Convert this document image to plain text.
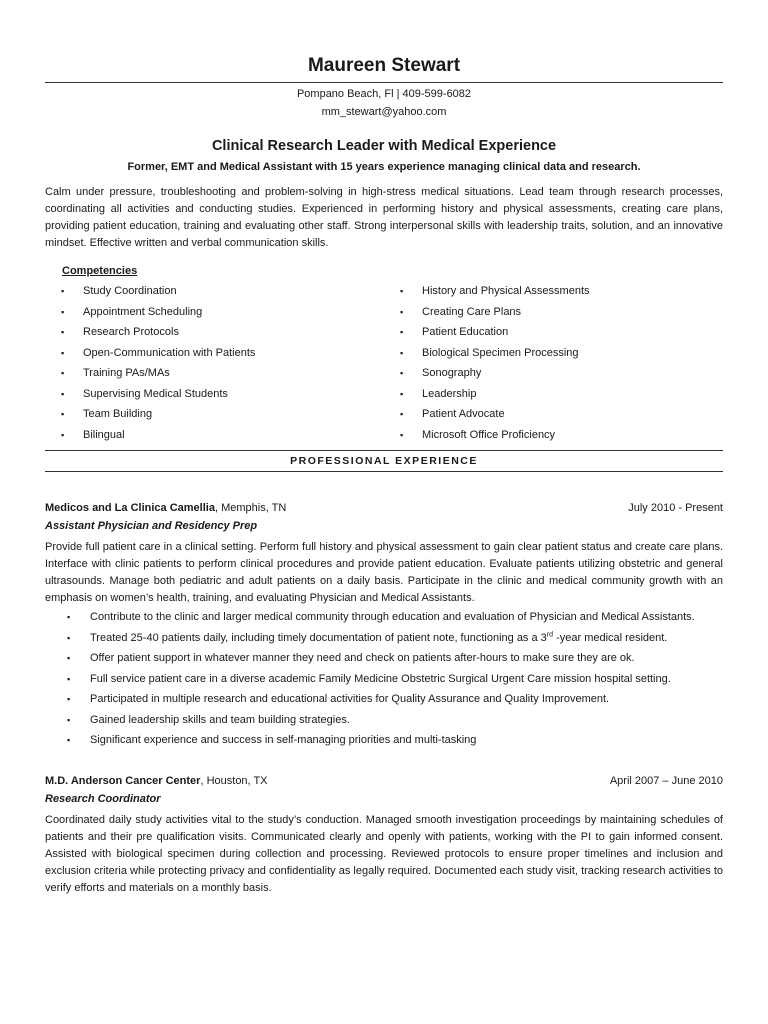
Maureen Stewart
Pompano Beach, Fl | 409-599-6082
mm_stewart@yahoo.com
Clinical Research Leader with Medical Experience
Former, EMT and Medical Assistant with 15 years experience managing clinical data and research.
Calm under pressure, troubleshooting and problem-solving in high-stress medical situations. Lead team through research processes, coordinating all activities and conducting studies. Experienced in performing history and physical assessments, creating care plans, providing patient education, training and evaluating other staff. Strong interpersonal skills with leadership traits, solution, and an innovative mindset. Effective written and verbal communication skills.
Competencies
▪ Study Coordination
▪ Appointment Scheduling
▪ Research Protocols
▪ Open-Communication with Patients
▪ Training PAs/MAs
▪ Supervising Medical Students
▪ Team Building
▪ Bilingual
▪ History and Physical Assessments
▪ Creating Care Plans
▪ Patient Education
▪ Biological Specimen Processing
▪ Sonography
▪ Leadership
▪ Patient Advocate
▪ Microsoft Office Proficiency
PROFESSIONAL EXPERIENCE
Medicos and La Clinica Camellia, Memphis, TN	July 2010 - Present
Assistant Physician and Residency Prep
Provide full patient care in a clinical setting. Perform full history and physical assessment to gain clear patient status and create care plans. Interface with clinic patients to perform clinical procedures and provide patient education. Evaluate patients utilizing obstetric and general ultrasounds. Manage both pediatric and adult patients on a daily basis. Participate in the clinic and medical community growth with an emphasis on women’s health, training, and evaluating Physician and Medical Assistants.
▪ Contribute to the clinic and larger medical community through education and evaluation of Physician and Medical Assistants.
▪ Treated 25-40 patients daily, including timely documentation of patient note, functioning as a 3rd -year medical resident.
▪ Offer patient support in whatever manner they need and check on patients after-hours to make sure they are ok.
▪ Full service patient care in a diverse academic Family Medicine Obstetric Surgical Urgent Care mission hospital setting.
▪ Participated in multiple research and educational activities for Quality Assurance and Quality Improvement.
▪ Gained leadership skills and team building strategies.
▪ Significant experience and success in self-managing priorities and multi-tasking
M.D. Anderson Cancer Center, Houston, TX	April 2007 – June 2010
Research Coordinator
Coordinated daily study activities vital to the study’s conduction. Managed smooth investigation proceedings by maintaining schedules of patients and their pre qualification visits. Communicated clearly and openly with patients, working with the PI to gain informed consent. Assisted with biological specimen during collection and processing. Reviewed protocols to ensure proper timelines and inclusion and exclusion criteria while protecting privacy and confidentiality as legally required. Documented each study visit, tracking research activities to verify efforts and materials on a monthly basis.
